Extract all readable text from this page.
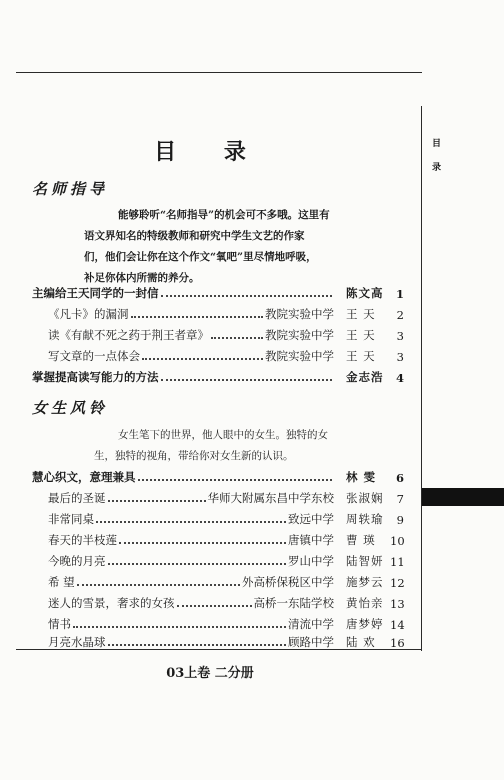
目
录
目 录
名师指导
能够聆听“名师指导”的机会可不多哦。这里有
语文界知名的特级教师和研究中学生文艺的作家
们，他们会让你在这个作文“氧吧”里尽情地呼吸，
补足你体内所需的养分。
主编给王天同学的一封信	陈文高	1
《凡卡》的漏洞	教院实验中学 王 天	2
读《有献不死之药于荆王者章》	教院实验中学 王 天	3
写文章的一点体会	教院实验中学 王 天	3
掌握提高读写能力的方法	金志浩	4
女生风铃
女生笔下的世界，他人眼中的女生。独特的女
生，独特的视角，带给你对女生新的认识。
慧心织文，意理兼具	林 雯	6
最后的圣诞	华师大附属东昌中学东校 张淑娴	7
非常同桌	致远中学 周轶瑜	9
春天的半枝莲	唐镇中学 曹 瑛	10
今晚的月亮	罗山中学 陆智妍 11
希 望	外高桥保税区中学 施梦云 12
迷人的雪景，奢求的女孩	高桥一东陆学校 黄怡亲 13
情书	清流中学 唐梦婷 14
月亮水晶球	顾路中学 陆 欢	16
03上卷 二分册
